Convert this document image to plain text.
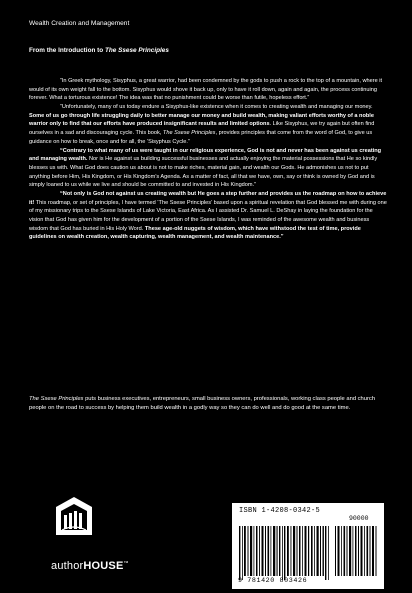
Wealth Creation and Management
From the Introduction to The Ssese Principles

“In Greek mythology, Sisyphus, a great warrior, had been condemned by the gods to push a rock to the top of a mountain, where it would of its own weight fall to the bottom. Sisyphus would shove it back up, only to have it roll down, again and again, the process continuing forever. What a torturous existence! The idea was that no punishment could be worse than futile, hopeless effort.”

“Unfortunately, many of us today endure a Sisyphus-like existence when it comes to creating wealth and managing our money. Some of us go through life struggling daily to better manage our money and build wealth, making valiant efforts worthy of a noble warrior only to find that our efforts have produced insignificant results and limited options. Like Sisyphus, we try again but often find ourselves in a sad and discouraging cycle. This book, The Ssese Principles, provides principles that come from the word of God, to give us guidance on how to break, once and for all, the ‘Sisyphus Cycle.”

“Contrary to what many of us were taught in our religious experience, God is not and never has been against us creating and managing wealth. Nor is He against us building successful businesses and actually enjoying the material possessions that He so kindly blesses us with. What God does caution us about is not to make riches, material gain, and wealth our Gods. He admonishes us not to put anything before Him, His Kingdom, or His Kingdom’s Agenda. As a matter of fact, all that we have, own, say or think is owned by God and is simply loaned to us while we live and should be committed to and invested in His Kingdom.”

“Not only is God not against us creating wealth but He goes a step further and provides us the roadmap on how to achieve it! This roadmap, or set of principles, I have termed ‘The Ssese Principles’ based upon a spiritual revelation that God blessed me with during one of my missionary trips to the Ssese Islands of Lake Victoria, East Africa. As I assisted Dr. Samuel L. DeShay in laying the foundation for the vision that God has given him for the development of a portion of the Ssese Islands, I was reminded of the awesome wealth and business wisdom that God has buried in His Holy Word. These age-old nuggets of wisdom, which have withstood the test of time, provide guidelines on wealth creation, wealth capturing, wealth management, and wealth maintenance.”

The Ssese Principles puts business executives, entrepreneurs, small business owners, professionals, working class people and church people on the road to success by helping them build wealth in a godly way so they can do well and do good at the same time.
authorHOUSE™
ISBN 1-4208-0342-5
90000
9 781420 803426
